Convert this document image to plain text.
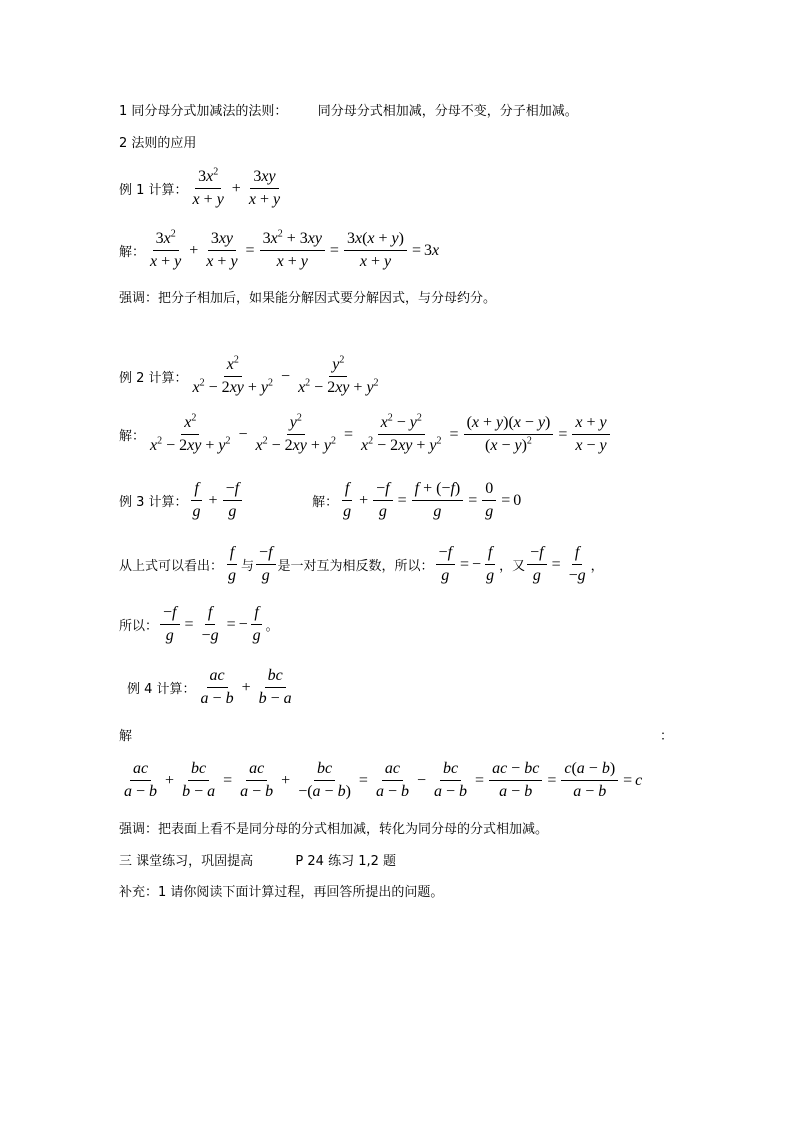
1 同分母分式加减法的法则： 同分母分式相加减，分母不变，分子相加减。
2 法则的应用
例 1 计算： $\frac{3x^2}{x + y} + \frac{3xy}{x + y}$
解： $\frac{3x^2}{x + y} + \frac{3xy}{x + y} = \frac{3x^2 + 3xy}{x + y} = \frac{3x(x + y)}{x + y} = 3x$
强调：把分子相加后，如果能分解因式要分解因式，与分母约分。
例 2 计算： $\frac{x^2}{x^2 - 2xy + y^2} - \frac{y^2}{x^2 - 2xy + y^2}$
解： $\frac{x^2}{x^2 - 2xy + y^2} - \frac{y^2}{x^2 - 2xy + y^2} = \frac{x^2 - y^2}{x^2 - 2xy + y^2} = \frac{(x + y)(x - y)}{(x - y)^2} = \frac{x + y}{x - y}$
例 3 计算： $\frac{f}{g} + \frac{-f}{g}$	解： $\frac{f}{g} + \frac{-f}{g} = \frac{f + (-f)}{g} = \frac{0}{g} = 0$
从上式可以看出： $\frac{f}{g}$ 与 $\frac{-f}{g}$ 是一对互为相反数，所以： $\frac{-f}{g}$ = − $\frac{f}{g}$ ，又 $\frac{-f}{g} = \frac{f}{-g}$ ，
所以： $\frac{-f}{g} = \frac{f}{-g}$ = − $\frac{f}{g}$ 。
例 4 计算： $\frac{ac}{a - b} + \frac{bc}{b - a}$
解	：
$\frac{ac}{a - b} + \frac{bc}{b - a} = \frac{ac}{a - b} + \frac{bc}{-(a - b)} = \frac{ac}{a - b} - \frac{bc}{a - b} = \frac{ac - bc}{a - b} = \frac{c(a - b)}{a - b} = c$
强调：把表面上看不是同分母的分式相加减，转化为同分母的分式相加减。
三 课堂练习，巩固提高	P 24 练习 1,2 题
补充：1 请你阅读下面计算过程，再回答所提出的问题。
